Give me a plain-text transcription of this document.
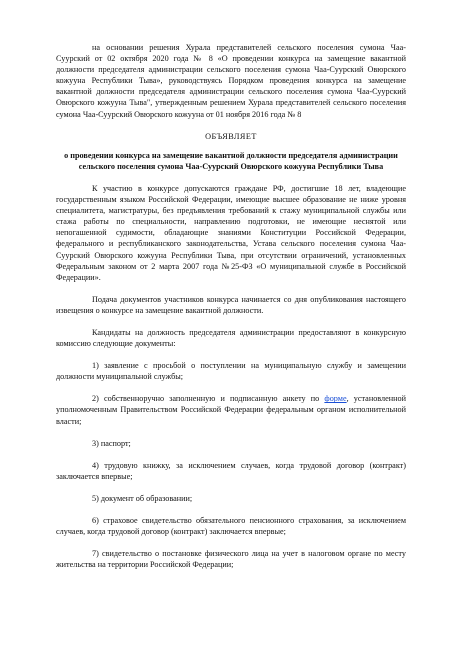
на основании решения Хурала представителей сельского поселения сумона Чаа-Суурский от 02 октября 2020 года № 8 «О проведении конкурса на замещение вакантной должности председателя администрации сельского поселения сумона Чаа-Суурский Овюрского кожууна Республики Тыва», руководствуясь Порядком проведения конкурса на замещение вакантной должности председателя администрации сельского поселения сумона Чаа-Суурский Овюрского кожууна Тыва", утвержденным решением Хурала представителей сельского поселения сумона Чаа-Суурский Овюрского кожууна от 01 ноября 2016 года № 8

ОБЪЯВЛЯЕТ

о проведении конкурса на замещение вакантной должности председателя администрации сельского поселения сумона Чаа-Суурский Овюрского кожууна Республики Тыва

К участию в конкурсе допускаются граждане РФ, достигшие 18 лет, владеющие государственным языком Российской Федерации, имеющие высшее образование не ниже уровня специалитета, магистратуры, без предъявления требований к стажу муниципальной службы или стажа работы по специальности, направлению подготовки, не имеющие неснятой или непогашенной судимости, обладающие знаниями Конституции Российской Федерации, федерального и республиканского законодательства, Устава сельского поселения сумона Чаа-Суурский Овюрского кожууна Республики Тыва, при отсутствии ограничений, установленных Федеральным законом от 2 марта 2007 года №25-ФЗ «О муниципальной службе в Российской Федерации».

Подача документов участников конкурса начинается со дня опубликования настоящего извещения о конкурсе на замещение вакантной должности.

Кандидаты на должность председателя администрации предоставляют в конкурсную комиссию следующие документы:

1) заявление с просьбой о поступлении на муниципальную службу и замещении должности муниципальной службы;

2) собственноручно заполненную и подписанную анкету по форме, установленной уполномоченным Правительством Российской Федерации федеральным органом исполнительной власти;

3) паспорт;

4) трудовую книжку, за исключением случаев, когда трудовой договор (контракт) заключается впервые;

5) документ об образовании;

6) страховое свидетельство обязательного пенсионного страхования, за исключением случаев, когда трудовой договор (контракт) заключается впервые;

7) свидетельство о постановке физического лица на учет в налоговом органе по месту жительства на территории Российской Федерации;
